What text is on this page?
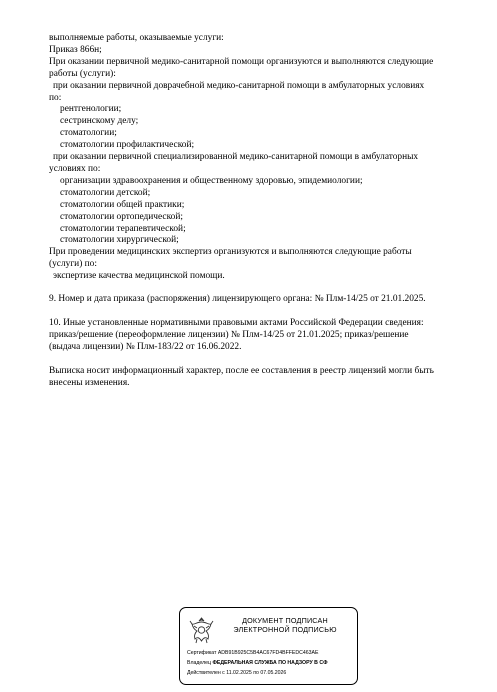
выполняемые работы, оказываемые услуги:

Приказ 866н;

При оказании первичной медико-санитарной помощи организуются и выполняются следующие

работы (услуги):

при оказании первичной доврачебной медико-санитарной помощи в амбулаторных условиях

по:

рентгенологии;

сестринскому делу;

стоматологии;

стоматологии профилактической;

при оказании первичной специализированной медико-санитарной помощи в амбулаторных

условиях по:

организации здравоохранения и общественному здоровью, эпидемиологии;

стоматологии детской;

стоматологии общей практики;

стоматологии ортопедической;

стоматологии терапевтической;

стоматологии хирургической;

При проведении медицинских экспертиз организуются и выполняются следующие работы

(услуги) по:

экспертизе качества медицинской помощи.

9. Номер и дата приказа (распоряжения) лицензирующего органа: № Плм-14/25 от 21.01.2025.

10. Иные установленные нормативными правовыми актами Российской Федерации сведения:

приказ/решение (переоформление лицензии) № Плм-14/25 от 21.01.2025; приказ/решение

(выдача лицензии) № Плм-183/22 от 16.06.2022.

Выписка носит информационный характер, после ее составления в реестр лицензий могли быть

внесены изменения.

ДОКУМЕНТ ПОДПИСАН
ЭЛЕКТРОННОЙ ПОДПИСЬЮ
Сертификат ADB91B925C5B4AC67FD4BFFEDC463AE
Владелец ФЕДЕРАЛЬНАЯ СЛУЖБА ПО НАДЗОРУ В СФ
Действителен с 11.02.2025 по 07.05.2026
